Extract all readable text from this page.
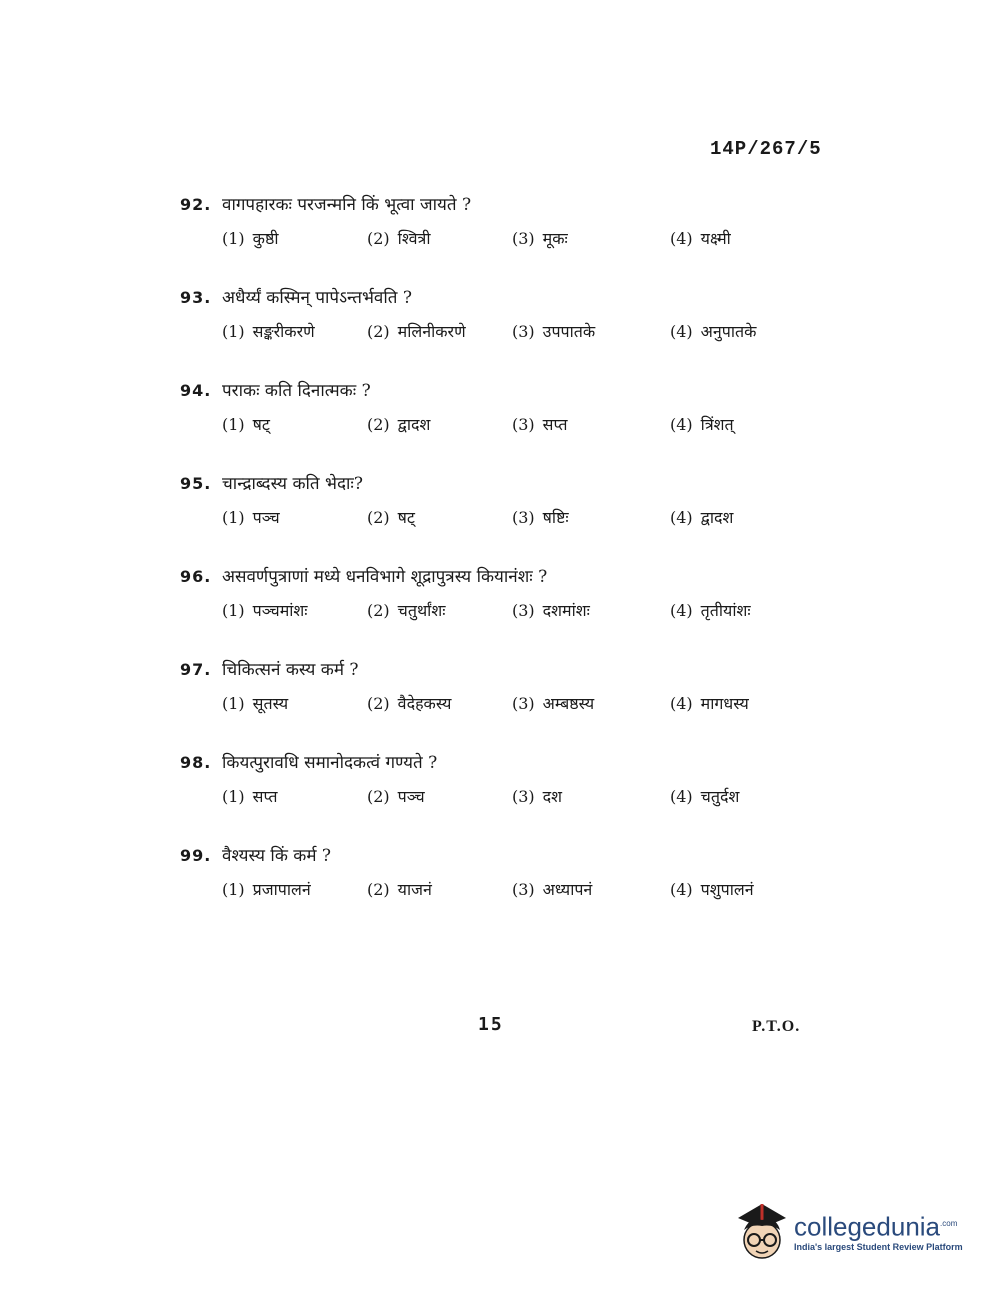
14P/267/5
92. वागपहारकः परजन्मनि किं भूत्वा जायते ?
(1) कुष्ठी	(2) श्वित्री	(3) मूकः	(4) यक्ष्मी
93. अधैर्य्यं कस्मिन् पापेऽन्तर्भवति ?
(1) सङ्करीकरणे	(2) मलिनीकरणे	(3) उपपातके	(4) अनुपातके
94. पराकः कति दिनात्मकः ?
(1) षट्	(2) द्वादश	(3) सप्त	(4) त्रिंशत्
95. चान्द्राब्दस्य कति भेदाः?
(1) पञ्च	(2) षट्	(3) षष्टिः	(4) द्वादश
96. असवर्णपुत्राणां मध्ये धनविभागे शूद्रापुत्रस्य कियानंशः ?
(1) पञ्चमांशः	(2) चतुर्थांशः	(3) दशमांशः	(4) तृतीयांशः
97. चिकित्सनं कस्य कर्म ?
(1) सूतस्य	(2) वैदेहकस्य	(3) अम्बष्ठस्य	(4) मागधस्य
98. कियत्पुरावधि समानोदकत्वं गण्यते ?
(1) सप्त	(2) पञ्च	(3) दश	(4) चतुर्दश
99. वैश्यस्य किं कर्म ?
(1) प्रजापालनं	(2) याजनं	(3) अध्यापनं	(4) पशुपालनं
15	P.T.O.
collegedunia$^{.com}$
India's largest Student Review Platform
